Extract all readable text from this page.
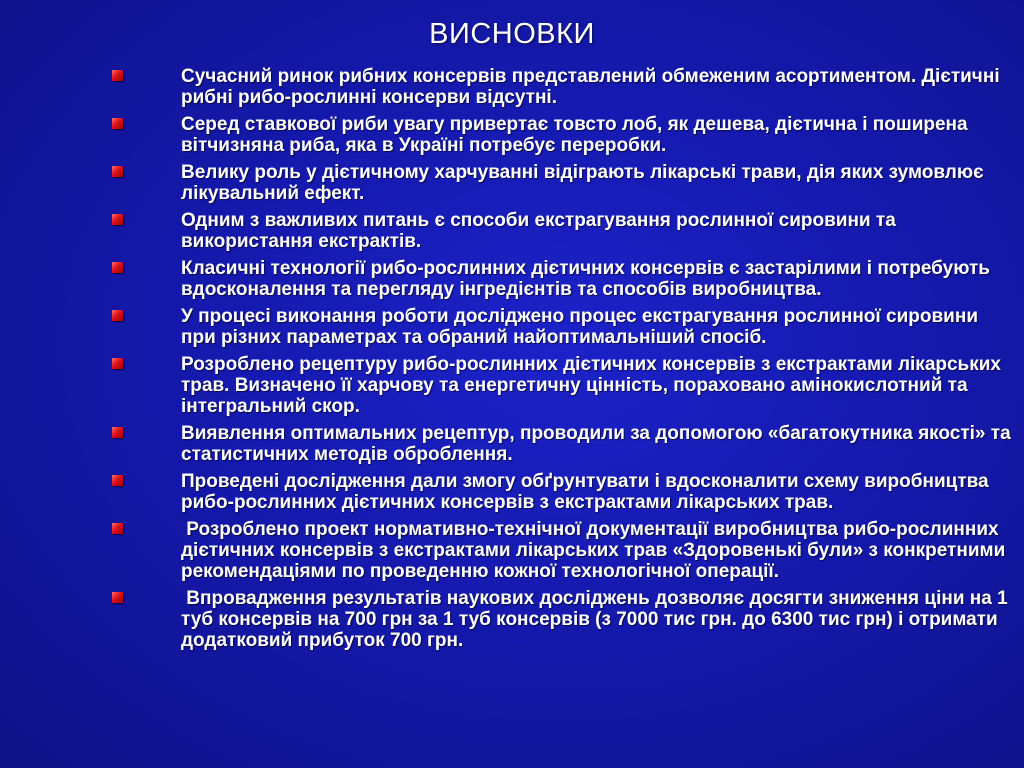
ВИСНОВКИ
Сучасний ринок рибних консервів представлений обмеженим асортиментом. Дієтичні рибні рибо-рослинні консерви відсутні.
Серед ставкової риби увагу привертає товсто лоб, як дешева, дієтична і поширена вітчизняна риба, яка в Україні потребує переробки.
Велику роль у дієтичному харчуванні відіграють лікарські трави, дія яких зумовлює лікувальний ефект.
Одним з важливих питань є способи екстрагування рослинної сировини та використання екстрактів.
Класичні технології рибо-рослинних дієтичних консервів є застарілими і потребують вдосконалення та перегляду інгредієнтів та способів виробництва.
У процесі виконання роботи досліджено процес екстрагування рослинної сировини при різних параметрах та обраний найоптимальніший спосіб.
Розроблено рецептуру рибо-рослинних дієтичних консервів з екстрактами лікарських трав. Визначено її харчову та енергетичну цінність, пораховано амінокислотний та інтегральний скор.
Виявлення оптимальних рецептур, проводили за допомогою «багатокутника якості» та статистичних методів оброблення.
Проведені дослідження дали змогу обґрунтувати і вдосконалити схему виробництва рибо-рослинних дієтичних консервів з екстрактами лікарських трав.
Розроблено проект нормативно-технічної документації виробництва рибо-рослинних дієтичних консервів з екстрактами лікарських трав «Здоровенькі були» з конкретними рекомендаціями по проведенню кожної технологічної операції.
Впровадження результатів наукових досліджень дозволяє досягти зниження ціни на 1 туб консервів на 700 грн за 1 туб консервів (з 7000 тис грн. до 6300 тис грн) і отримати додатковий прибуток 700 грн.
